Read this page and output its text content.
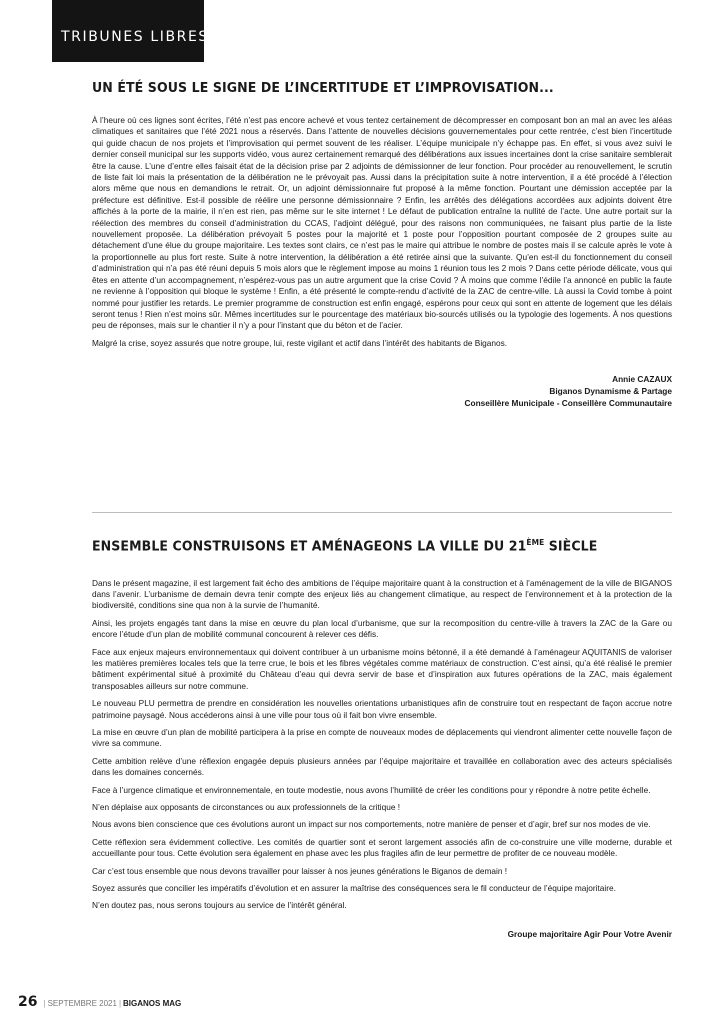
TRIBUNES LIBRES
UN ÉTÉ SOUS LE SIGNE DE L’INCERTITUDE ET L’IMPROVISATION...

À l’heure où ces lignes sont écrites, l’été n’est pas encore achevé et vous tentez certainement de décompresser en composant bon an mal an avec les aléas climatiques et sanitaires que l’été 2021 nous a réservés. Dans l’attente de nouvelles décisions gouvernementales pour cette rentrée, c’est bien l’incertitude qui guide chacun de nos projets et l’improvisation qui permet souvent de les réaliser. L’équipe municipale n’y échappe pas. En effet, si vous avez suivi le dernier conseil municipal sur les supports vidéo, vous aurez certainement remarqué des délibérations aux issues incertaines dont la crise sanitaire semblerait être la cause. L’une d’entre elles faisait état de la décision prise par 2 adjoints de démissionner de leur fonction. Pour procéder au renouvellement, le scrutin de liste fait loi mais la présentation de la délibération ne le prévoyait pas. Aussi dans la précipitation suite à notre intervention, il a été procédé à l’élection alors même que nous en demandions le retrait. Or, un adjoint démissionnaire fut proposé à la même fonction. Pourtant une démission acceptée par la préfecture est définitive. Est-il possible de réélire une personne démissionnaire ? Enfin, les arrêtés des délégations accordées aux adjoints doivent être affichés à la porte de la mairie, il n’en est rien, pas même sur le site internet ! Le défaut de publication entraîne la nullité de l’acte. Une autre portait sur la réélection des membres du conseil d’administration du CCAS, l’adjoint délégué, pour des raisons non communiquées, ne faisant plus partie de la liste nouvellement proposée. La délibération prévoyait 5 postes pour la majorité et 1 poste pour l’opposition pourtant composée de 2 groupes suite au détachement d’une élue du groupe majoritaire. Les textes sont clairs, ce n’est pas le maire qui attribue le nombre de postes mais il se calcule après le vote à la proportionnelle au plus fort reste. Suite à notre intervention, la délibération a été retirée ainsi que la suivante. Qu’en est-il du fonctionnement du conseil d’administration qui n’a pas été réuni depuis 5 mois alors que le règlement impose au moins 1 réunion tous les 2 mois ? Dans cette période délicate, vous qui êtes en attente d’un accompagnement, n’espérez-vous pas un autre argument que la crise Covid ? À moins que comme l’édile l’a annoncé en public la faute ne revienne à l’opposition qui bloque le système ! Enfin, a été présenté le compte-rendu d’activité de la ZAC de centre-ville. Là aussi la Covid tombe à point nommé pour justifier les retards. Le premier programme de construction est enfin engagé, espérons pour ceux qui sont en attente de logement que les délais seront tenus ! Rien n’est moins sûr. Mêmes incertitudes sur le pourcentage des matériaux bio-sourcés utilisés ou la typologie des logements. À nos questions peu de réponses, mais sur le chantier il n’y a pour l’instant que du béton et de l’acier.

Malgré la crise, soyez assurés que notre groupe, lui, reste vigilant et actif dans l’intérêt des habitants de Biganos.

Annie CAZAUX
Biganos Dynamisme & Partage
Conseillère Municipale - Conseillère Communautaire
ENSEMBLE CONSTRUISONS ET AMÉNAGEONS LA VILLE DU 21ÈME SIÈCLE

Dans le présent magazine, il est largement fait écho des ambitions de l’équipe majoritaire quant à la construction et à l’aménagement de la ville de BIGANOS dans l’avenir. L’urbanisme de demain devra tenir compte des enjeux liés au changement climatique, au respect de l’environnement et à la protection de la biodiversité, conditions sine qua non à la survie de l’humanité.

Ainsi, les projets engagés tant dans la mise en œuvre du plan local d’urbanisme, que sur la recomposition du centre-ville à travers la ZAC de la Gare ou encore l’étude d’un plan de mobilité communal concourent à relever ces défis.

Face aux enjeux majeurs environnementaux qui doivent contribuer à un urbanisme moins bétonné, il a été demandé à l’aménageur AQUITANIS de valoriser les matières premières locales tels que la terre crue, le bois et les fibres végétales comme matériaux de construction. C’est ainsi, qu’a été réalisé le premier bâtiment expérimental situé à proximité du Château d’eau qui devra servir de base et d’inspiration aux futures opérations de la ZAC, mais également transposables ailleurs sur notre commune.

Le nouveau PLU permettra de prendre en considération les nouvelles orientations urbanistiques afin de construire tout en respectant de façon accrue notre patrimoine paysagé. Nous accéderons ainsi à une ville pour tous où il fait bon vivre ensemble.

La mise en œuvre d’un plan de mobilité participera à la prise en compte de nouveaux modes de déplacements qui viendront alimenter cette nouvelle façon de vivre sa commune.

Cette ambition relève d’une réflexion engagée depuis plusieurs années par l’équipe majoritaire et travaillée en collaboration avec des acteurs spécialisés dans les domaines concernés.

Face à l’urgence climatique et environnementale, en toute modestie, nous avons l’humilité de créer les conditions pour y répondre à notre petite échelle.

N’en déplaise aux opposants de circonstances ou aux professionnels de la critique !

Nous avons bien conscience que ces évolutions auront un impact sur nos comportements, notre manière de penser et d’agir, bref sur nos modes de vie.

Cette réflexion sera évidemment collective. Les comités de quartier sont et seront largement associés afin de co-construire une ville moderne, durable et accueillante pour tous. Cette évolution sera également en phase avec les plus fragiles afin de leur permettre de profiter de ce nouveau modèle.

Car c’est tous ensemble que nous devons travailler pour laisser à nos jeunes générations le Biganos de demain !

Soyez assurés que concilier les impératifs d’évolution et en assurer la maîtrise des conséquences sera le fil conducteur de l’équipe majoritaire.

N’en doutez pas, nous serons toujours au service de l’intérêt général.

Groupe majoritaire Agir Pour Votre Avenir
26 | SEPTEMBRE 2021 | BIGANOS MAG
